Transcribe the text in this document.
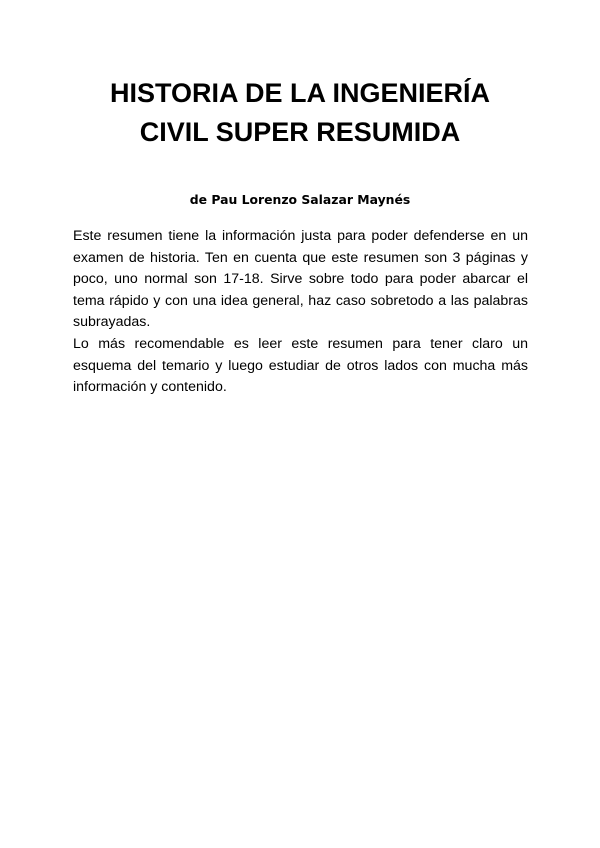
HISTORIA DE LA INGENIERÍA
CIVIL SUPER RESUMIDA

de Pau Lorenzo Salazar Maynés

Este resumen tiene la información justa para poder defenderse en un examen de historia. Ten en cuenta que este resumen son 3 páginas y poco, uno normal son 17-18. Sirve sobre todo para poder abarcar el tema rápido y con una idea general, haz caso sobretodo a las palabras subrayadas.

Lo más recomendable es leer este resumen para tener claro un esquema del temario y luego estudiar de otros lados con mucha más información y contenido.
